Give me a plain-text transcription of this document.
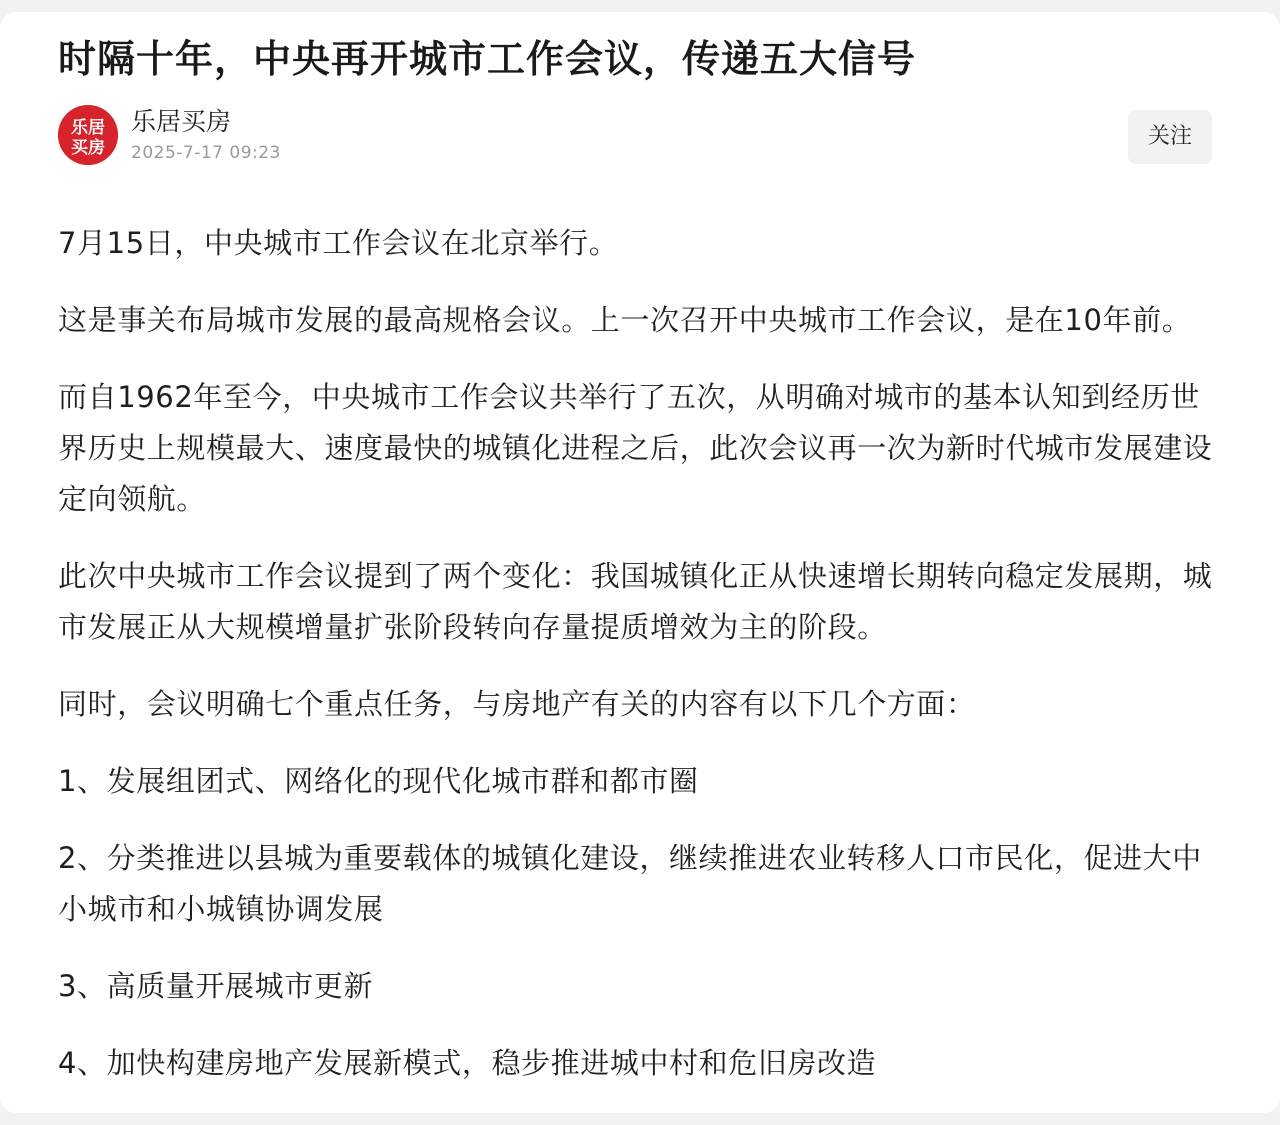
时隔十年，中央再开城市工作会议，传递五大信号
乐居
买房
乐居买房
2025-7-17 09:23
关注

7月15日，中央城市工作会议在北京举行。

这是事关布局城市发展的最高规格会议。上一次召开中央城市工作会议，是在10年前。

而自1962年至今，中央城市工作会议共举行了五次，从明确对城市的基本认知到经历世界历史上规模最大、速度最快的城镇化进程之后，此次会议再一次为新时代城市发展建设定向领航。

此次中央城市工作会议提到了两个变化：我国城镇化正从快速增长期转向稳定发展期，城市发展正从大规模增量扩张阶段转向存量提质增效为主的阶段。

同时，会议明确七个重点任务，与房地产有关的内容有以下几个方面：

1、发展组团式、网络化的现代化城市群和都市圈

2、分类推进以县城为重要载体的城镇化建设，继续推进农业转移人口市民化，促进大中小城市和小城镇协调发展

3、高质量开展城市更新

4、加快构建房地产发展新模式，稳步推进城中村和危旧房改造
